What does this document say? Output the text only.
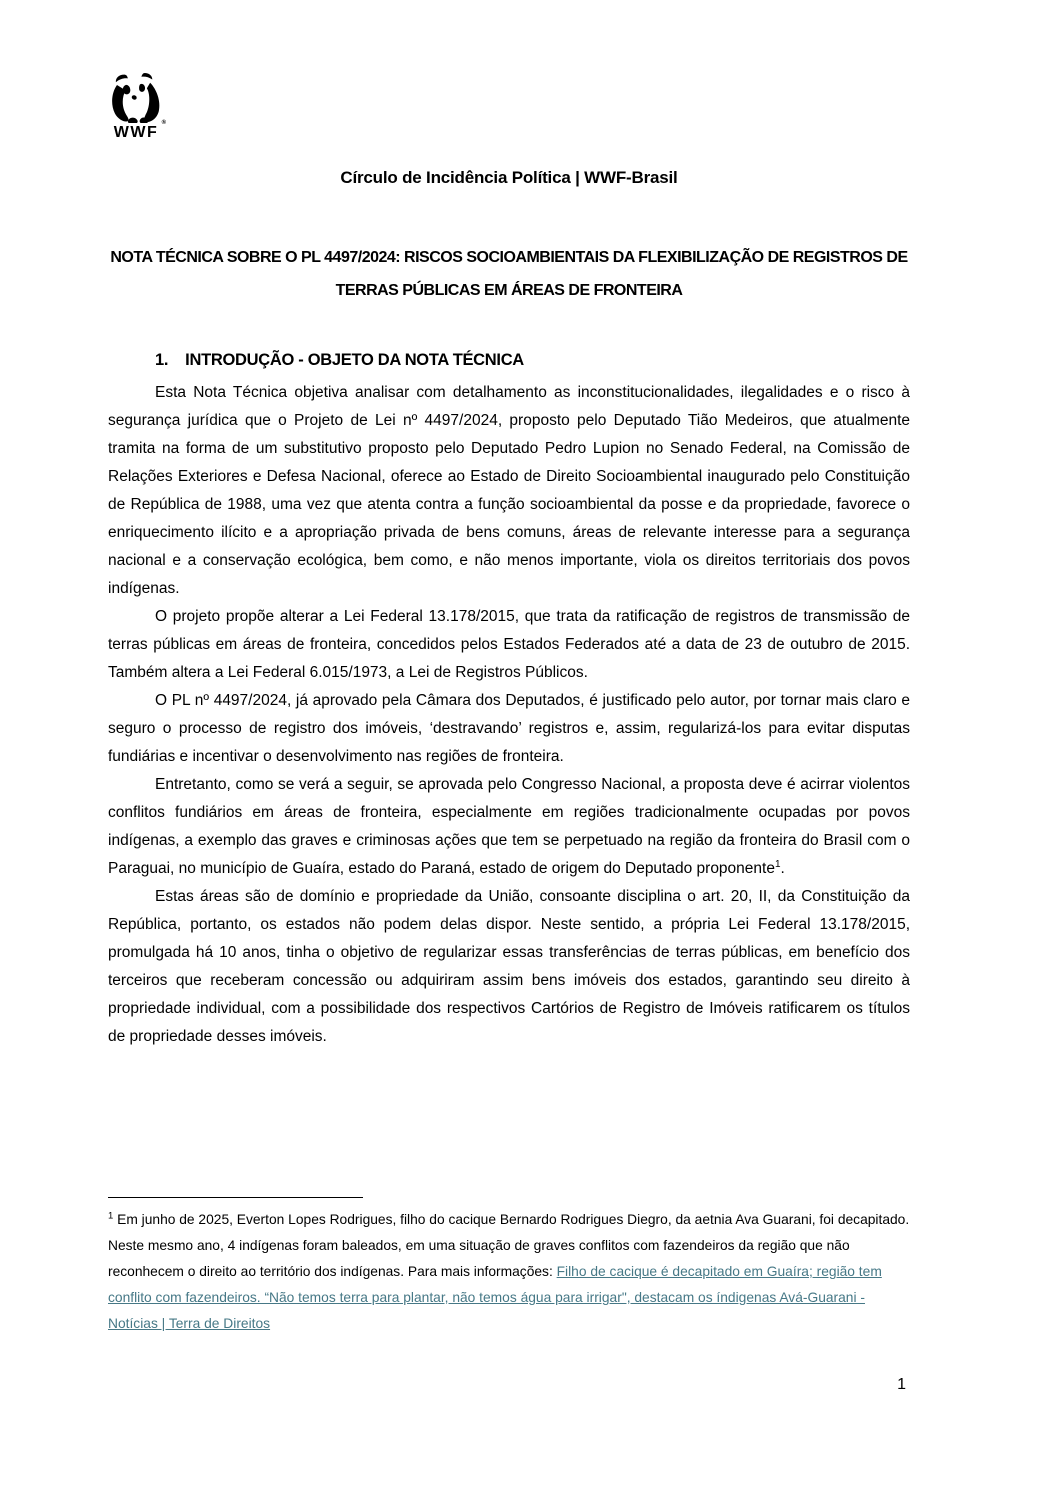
WWF
®
Círculo de Incidência Política | WWF-Brasil
NOTA TÉCNICA SOBRE O PL 4497/2024: RISCOS SOCIOAMBIENTAIS DA FLEXIBILIZAÇÃO DE REGISTROS DE TERRAS PÚBLICAS EM ÁREAS DE FRONTEIRA
1. INTRODUÇÃO - OBJETO DA NOTA TÉCNICA

Esta Nota Técnica objetiva analisar com detalhamento as inconstitucionalidades, ilegalidades e o risco à segurança jurídica que o Projeto de Lei nº 4497/2024, proposto pelo Deputado Tião Medeiros, que atualmente tramita na forma de um substitutivo proposto pelo Deputado Pedro Lupion no Senado Federal, na Comissão de Relações Exteriores e Defesa Nacional, oferece ao Estado de Direito Socioambiental inaugurado pelo Constituição de República de 1988, uma vez que atenta contra a função socioambiental da posse e da propriedade, favorece o enriquecimento ilícito e a apropriação privada de bens comuns, áreas de relevante interesse para a segurança nacional e a conservação ecológica, bem como, e não menos importante, viola os direitos territoriais dos povos indígenas.

O projeto propõe alterar a Lei Federal 13.178/2015, que trata da ratificação de registros de transmissão de terras públicas em áreas de fronteira, concedidos pelos Estados Federados até a data de 23 de outubro de 2015. Também altera a Lei Federal 6.015/1973, a Lei de Registros Públicos.

O PL nº 4497/2024, já aprovado pela Câmara dos Deputados, é justificado pelo autor, por tornar mais claro e seguro o processo de registro dos imóveis, ‘destravando’ registros e, assim, regularizá-los para evitar disputas fundiárias e incentivar o desenvolvimento nas regiões de fronteira.

Entretanto, como se verá a seguir, se aprovada pelo Congresso Nacional, a proposta deve é acirrar violentos conflitos fundiários em áreas de fronteira, especialmente em regiões tradicionalmente ocupadas por povos indígenas, a exemplo das graves e criminosas ações que tem se perpetuado na região da fronteira do Brasil com o Paraguai, no município de Guaíra, estado do Paraná, estado de origem do Deputado proponente$^1$.

Estas áreas são de domínio e propriedade da União, consoante disciplina o art. 20, II, da Constituição da República, portanto, os estados não podem delas dispor. Neste sentido, a própria Lei Federal 13.178/2015, promulgada há 10 anos, tinha o objetivo de regularizar essas transferências de terras públicas, em benefício dos terceiros que receberam concessão ou adquiriram assim bens imóveis dos estados, garantindo seu direito à propriedade individual, com a possibilidade dos respectivos Cartórios de Registro de Imóveis ratificarem os títulos de propriedade desses imóveis.

$^1$ Em junho de 2025, Everton Lopes Rodrigues, filho do cacique Bernardo Rodrigues Diegro, da aetnia Ava Guarani, foi decapitado. Neste mesmo ano, 4 indígenas foram baleados, em uma situação de graves conflitos com fazendeiros da região que não reconhecem o direito ao território dos indígenas. Para mais informações: Filho de cacique é decapitado em Guaíra; região tem conflito com fazendeiros. “Não temos terra para plantar, não temos água para irrigar", destacam os índigenas Avá-Guarani - Notícias | Terra de Direitos
1
